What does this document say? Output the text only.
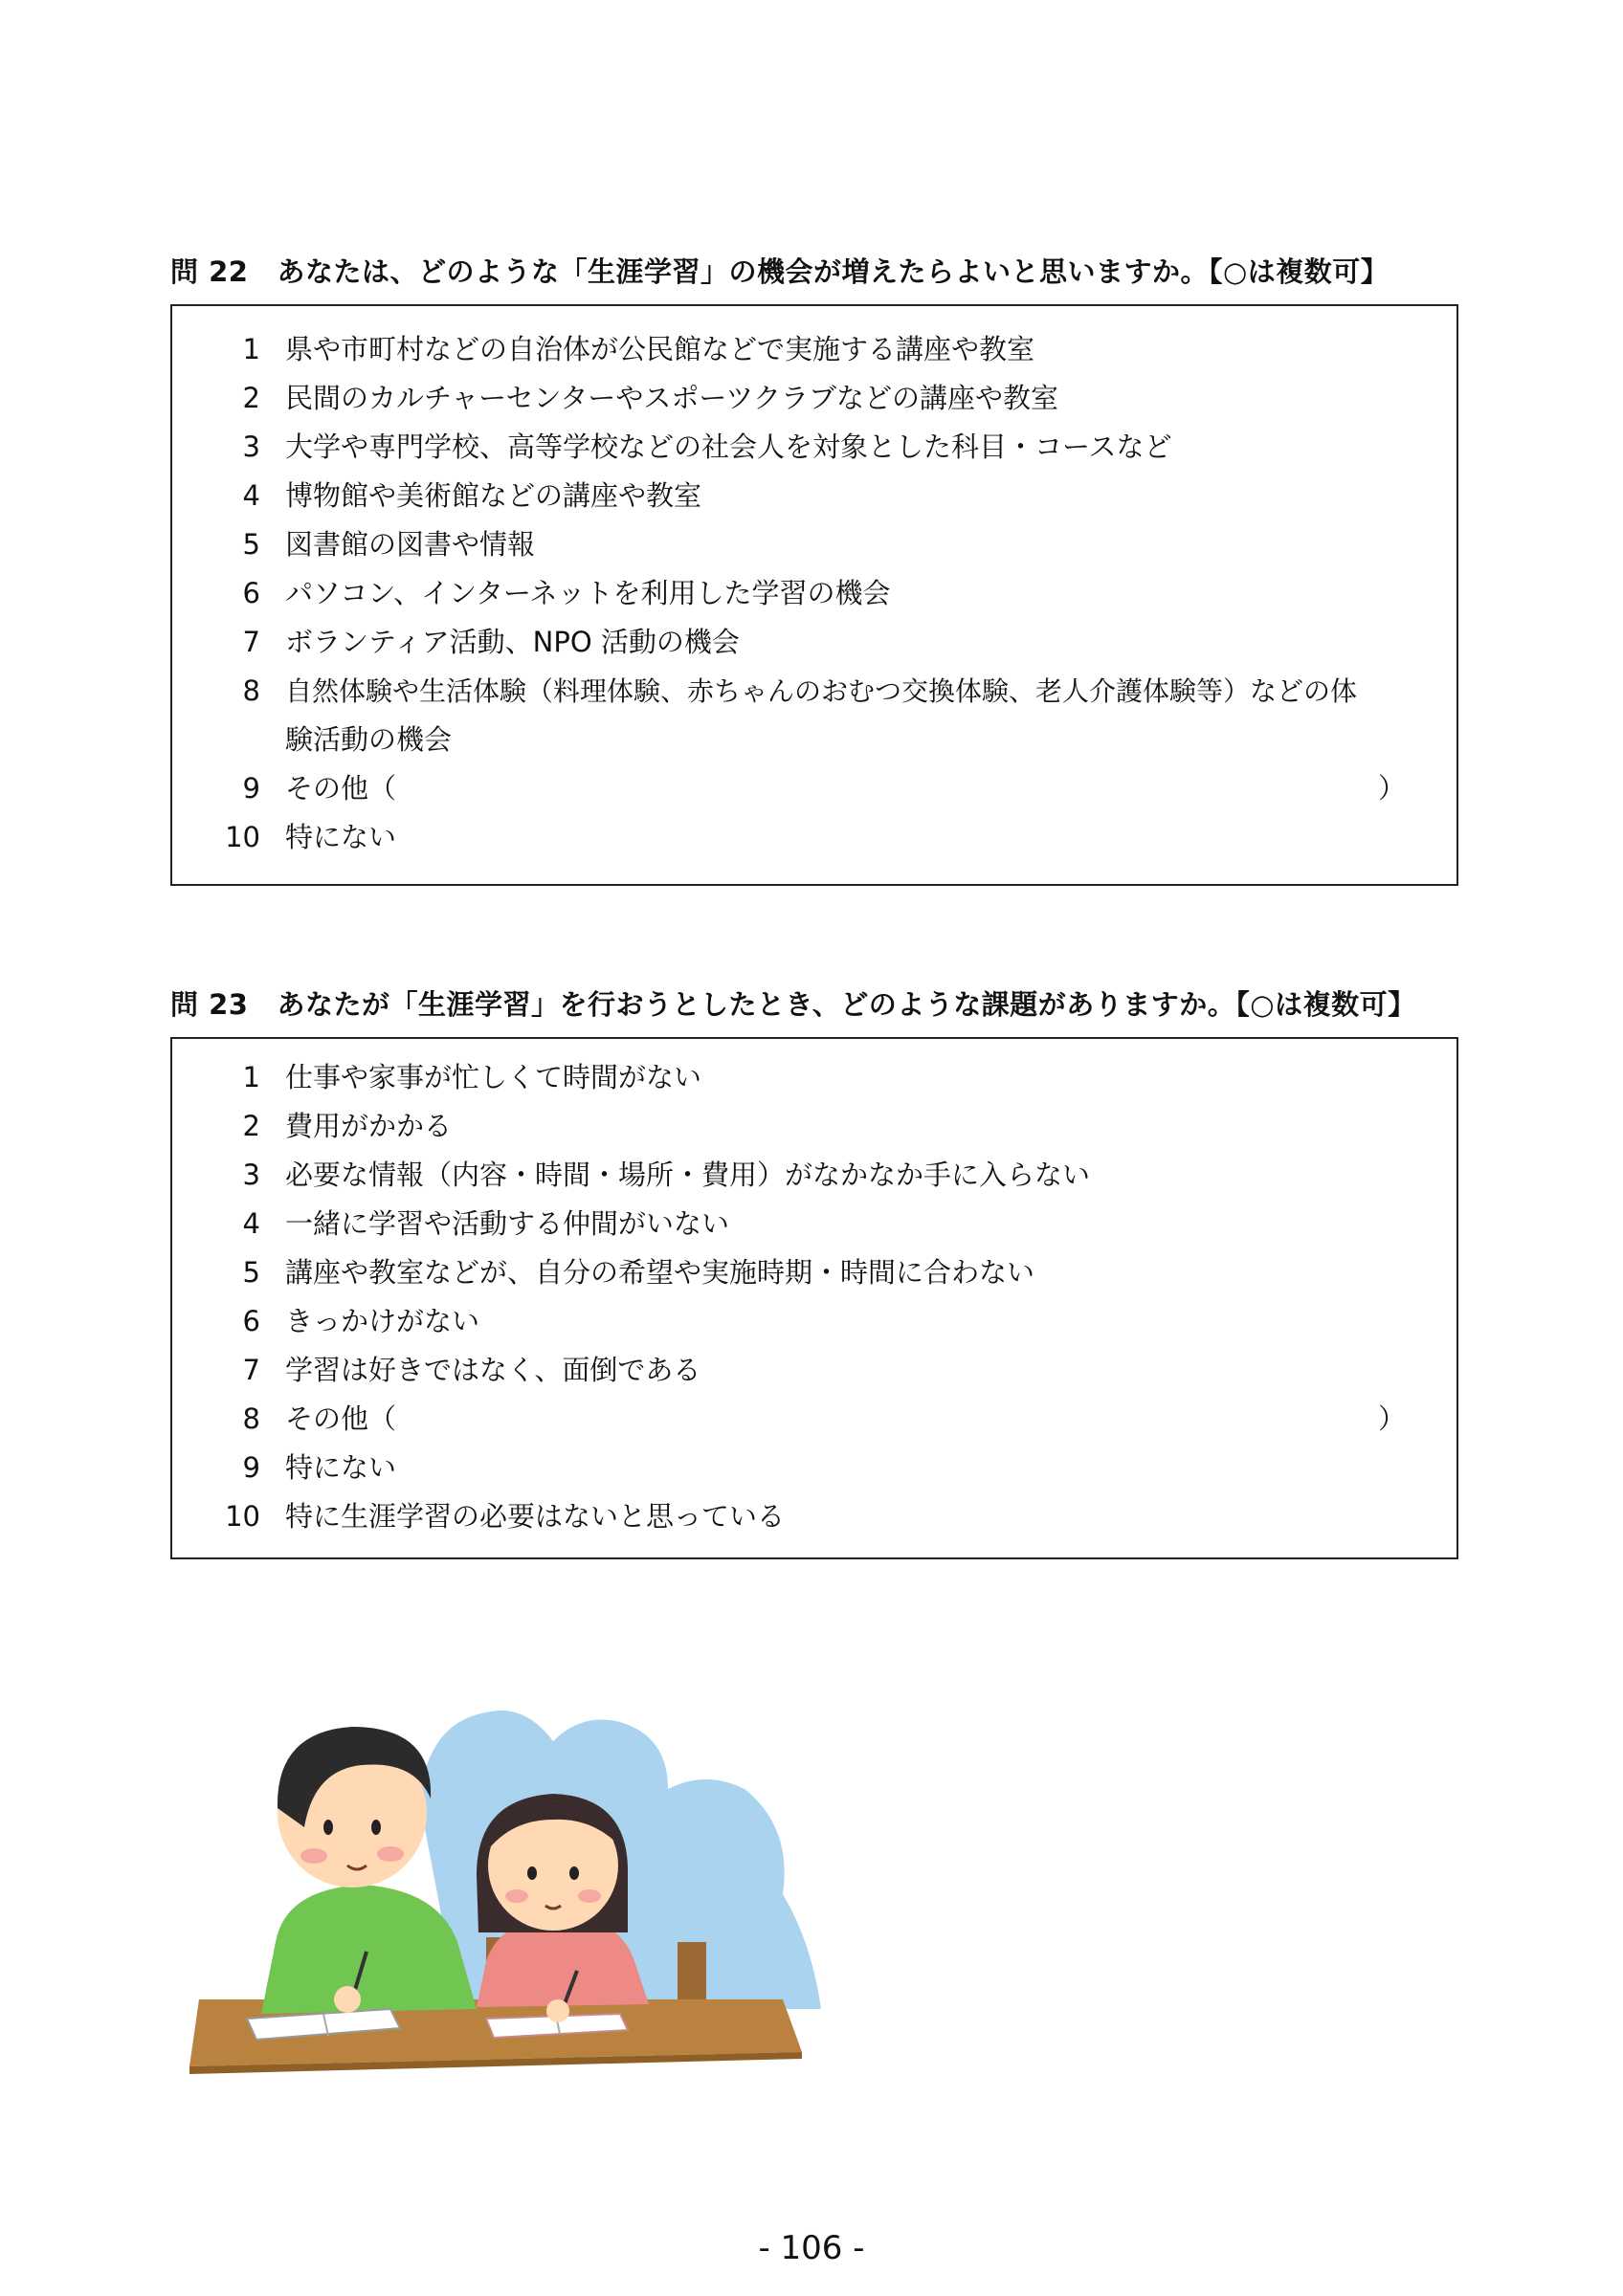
問 22 あなたは、どのような「生涯学習」の機会が増えたらよいと思いますか。【○は複数可】
1 県や市町村などの自治体が公民館などで実施する講座や教室
2 民間のカルチャーセンターやスポーツクラブなどの講座や教室
3 大学や専門学校、高等学校などの社会人を対象とした科目・コースなど
4 博物館や美術館などの講座や教室
5 図書館の図書や情報
6 パソコン、インターネットを利用した学習の機会
7 ボランティア活動、NPO 活動の機会
8 自然体験や生活体験（料理体験、赤ちゃんのおむつ交換体験、老人介護体験等）などの体
験活動の機会
9 その他（	）
10 特にない
問 23 あなたが「生涯学習」を行おうとしたとき、どのような課題がありますか。【○は複数可】
1 仕事や家事が忙しくて時間がない
2 費用がかかる
3 必要な情報（内容・時間・場所・費用）がなかなか手に入らない
4 一緒に学習や活動する仲間がいない
5 講座や教室などが、自分の希望や実施時期・時間に合わない
6 きっかけがない
7 学習は好きではなく、面倒である
8 その他（	）
9 特にない
10 特に生涯学習の必要はないと思っている
- 106 -
